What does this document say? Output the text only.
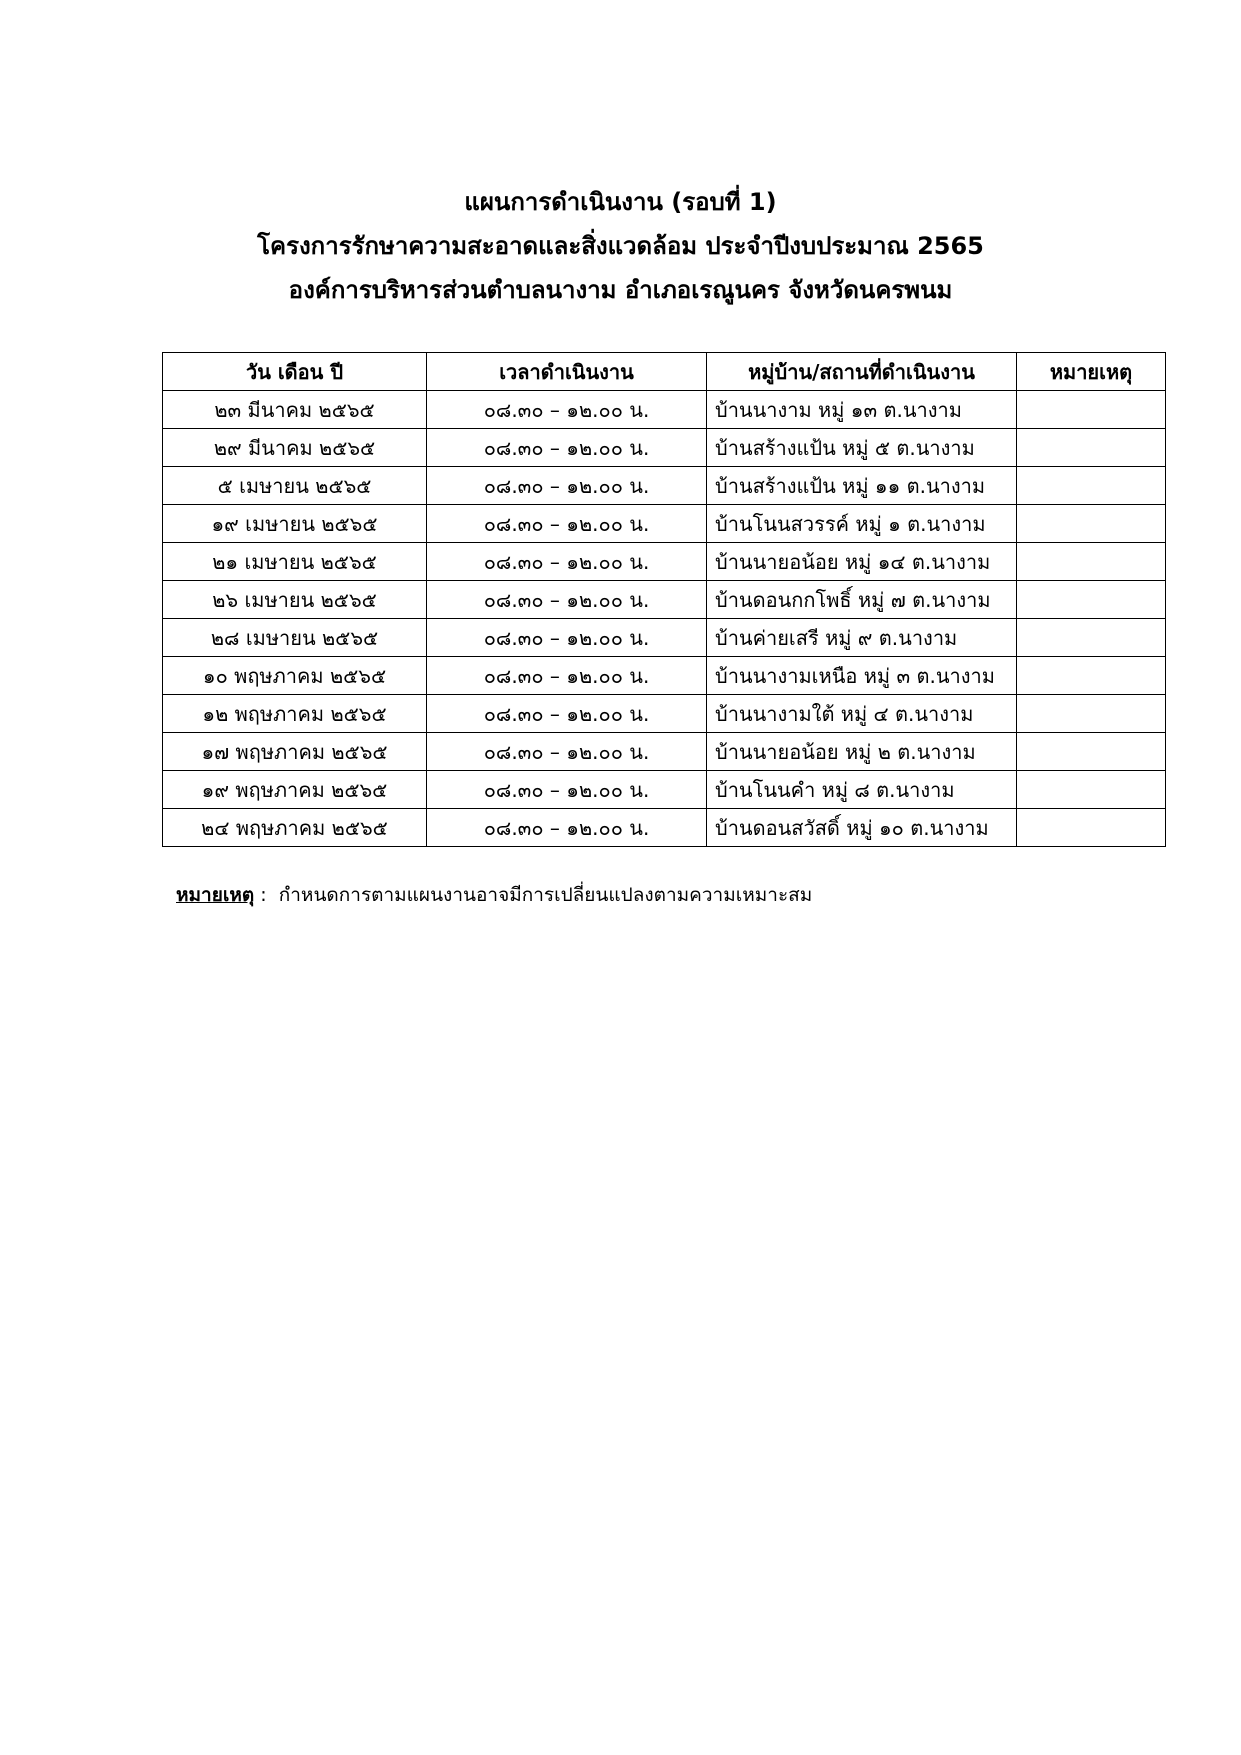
แผนการดำเนินงาน (รอบที่ 1)
โครงการรักษาความสะอาดและสิ่งแวดล้อม ประจำปีงบประมาณ 2565
องค์การบริหารส่วนตำบลนางาม อำเภอเรณูนคร จังหวัดนครพนม
วัน เดือน ปี	เวลาดำเนินงาน	หมู่บ้าน/สถานที่ดำเนินงาน	หมายเหตุ
๒๓ มีนาคม ๒๕๖๕	๐๘.๓๐ – ๑๒.๐๐ น.	บ้านนางาม หมู่ ๑๓ ต.นางาม	
๒๙ มีนาคม ๒๕๖๕	๐๘.๓๐ – ๑๒.๐๐ น.	บ้านสร้างแป้น หมู่ ๕ ต.นางาม	
๕ เมษายน ๒๕๖๕	๐๘.๓๐ – ๑๒.๐๐ น.	บ้านสร้างแป้น หมู่ ๑๑ ต.นางาม	
๑๙ เมษายน ๒๕๖๕	๐๘.๓๐ – ๑๒.๐๐ น.	บ้านโนนสวรรค์ หมู่ ๑ ต.นางาม	
๒๑ เมษายน ๒๕๖๕	๐๘.๓๐ – ๑๒.๐๐ น.	บ้านนายอน้อย หมู่ ๑๔ ต.นางาม	
๒๖ เมษายน ๒๕๖๕	๐๘.๓๐ – ๑๒.๐๐ น.	บ้านดอนกกโพธิ์ หมู่ ๗ ต.นางาม	
๒๘ เมษายน ๒๕๖๕	๐๘.๓๐ – ๑๒.๐๐ น.	บ้านค่ายเสรี หมู่ ๙ ต.นางาม	
๑๐ พฤษภาคม ๒๕๖๕	๐๘.๓๐ – ๑๒.๐๐ น.	บ้านนางามเหนือ หมู่ ๓ ต.นางาม	
๑๒ พฤษภาคม ๒๕๖๕	๐๘.๓๐ – ๑๒.๐๐ น.	บ้านนางามใต้ หมู่ ๔ ต.นางาม	
๑๗ พฤษภาคม ๒๕๖๕	๐๘.๓๐ – ๑๒.๐๐ น.	บ้านนายอน้อย หมู่ ๒ ต.นางาม	
๑๙ พฤษภาคม ๒๕๖๕	๐๘.๓๐ – ๑๒.๐๐ น.	บ้านโนนคำ หมู่ ๘ ต.นางาม	
๒๔ พฤษภาคม ๒๕๖๕	๐๘.๓๐ – ๑๒.๐๐ น.	บ้านดอนสวัสดิ์ หมู่ ๑๐ ต.นางาม	
หมายเหตุ :  กำหนดการตามแผนงานอาจมีการเปลี่ยนแปลงตามความเหมาะสม
